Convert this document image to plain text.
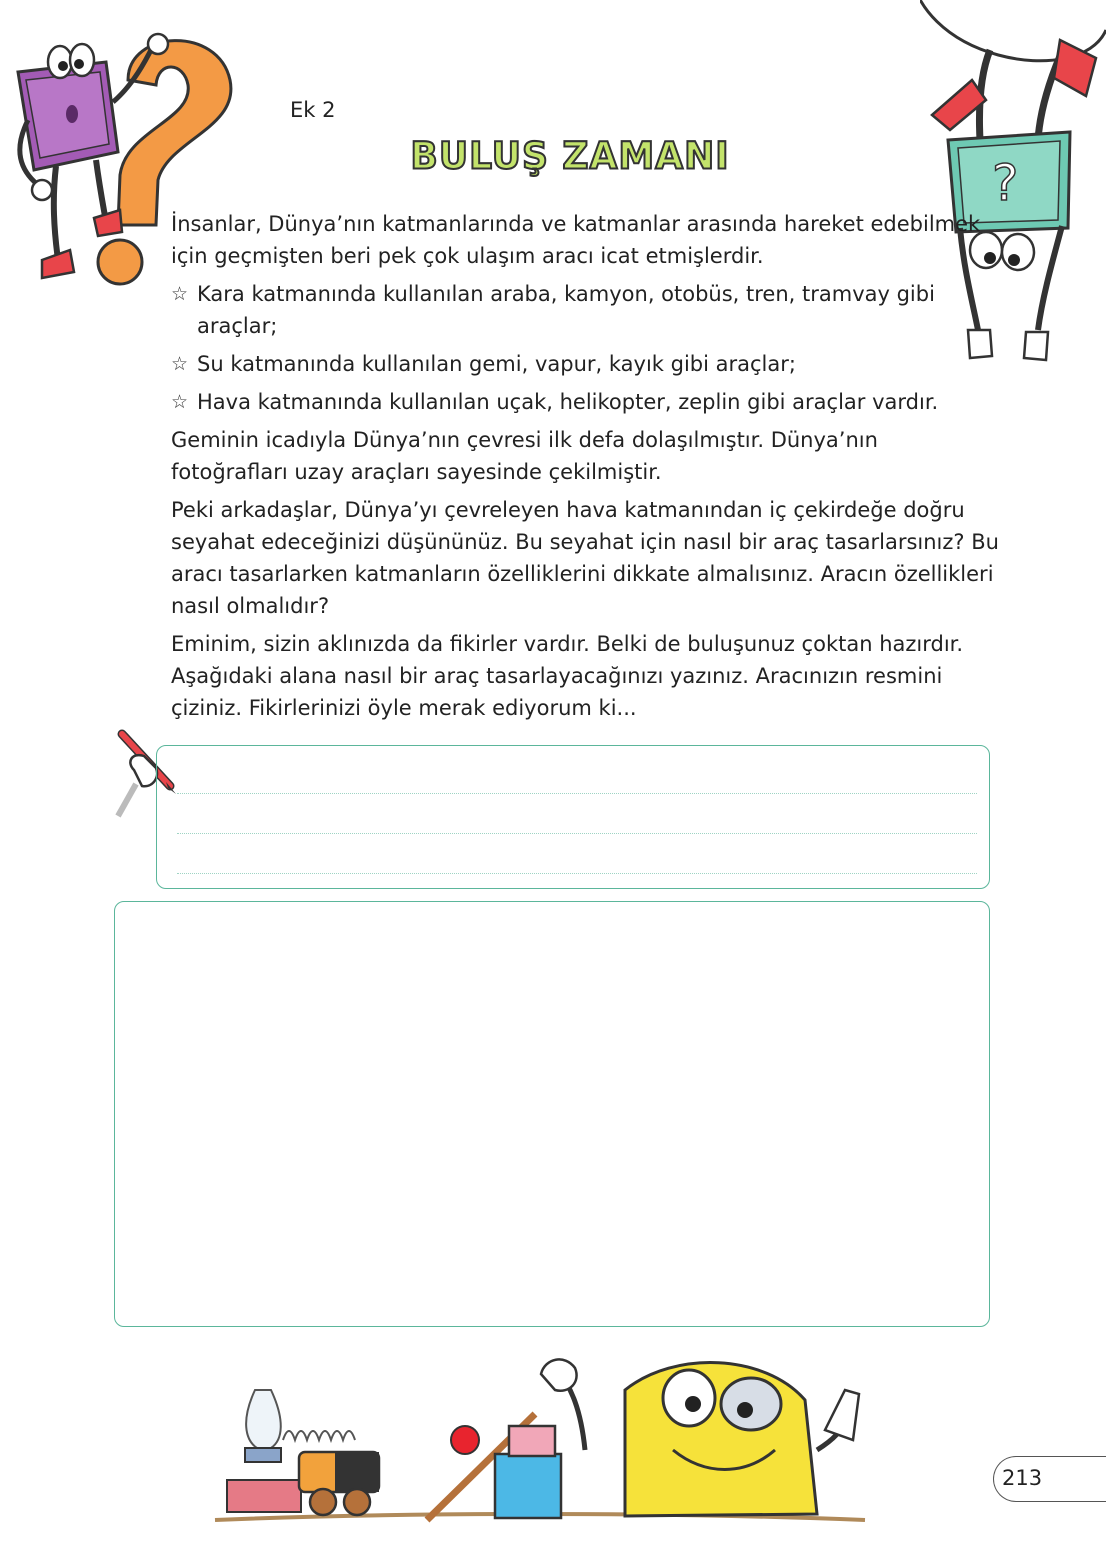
?
Ek 2
BULUŞ ZAMANI

İnsanlar, Dünya’nın katmanlarında ve katmanlar arasında hareket edebilmek için geçmişten beri pek çok ulaşım aracı icat etmişlerdir.

☆ Kara katmanında kullanılan araba, kamyon, otobüs, tren, tramvay gibi araçlar;
☆ Su katmanında kullanılan gemi, vapur, kayık gibi araçlar;
☆ Hava katmanında kullanılan uçak, helikopter, zeplin gibi araçlar vardır.

Geminin icadıyla Dünya’nın çevresi ilk defa dolaşılmıştır. Dünya’nın fotoğrafları uzay araçları sayesinde çekilmiştir.

Peki arkadaşlar, Dünya’yı çevreleyen hava katmanından iç çekirdeğe doğru seyahat edeceğinizi düşününüz. Bu seyahat için nasıl bir araç tasarlarsınız? Bu aracı tasarlarken katmanların özelliklerini dikkate almalısınız. Aracın özellikleri nasıl olmalıdır?

Eminim, sizin aklınızda da fikirler vardır. Belki de buluşunuz çoktan hazırdır. Aşağıdaki alana nasıl bir araç tasarlayacağınızı yazınız. Aracınızın resmini çiziniz. Fikirlerinizi öyle merak ediyorum ki...

213
